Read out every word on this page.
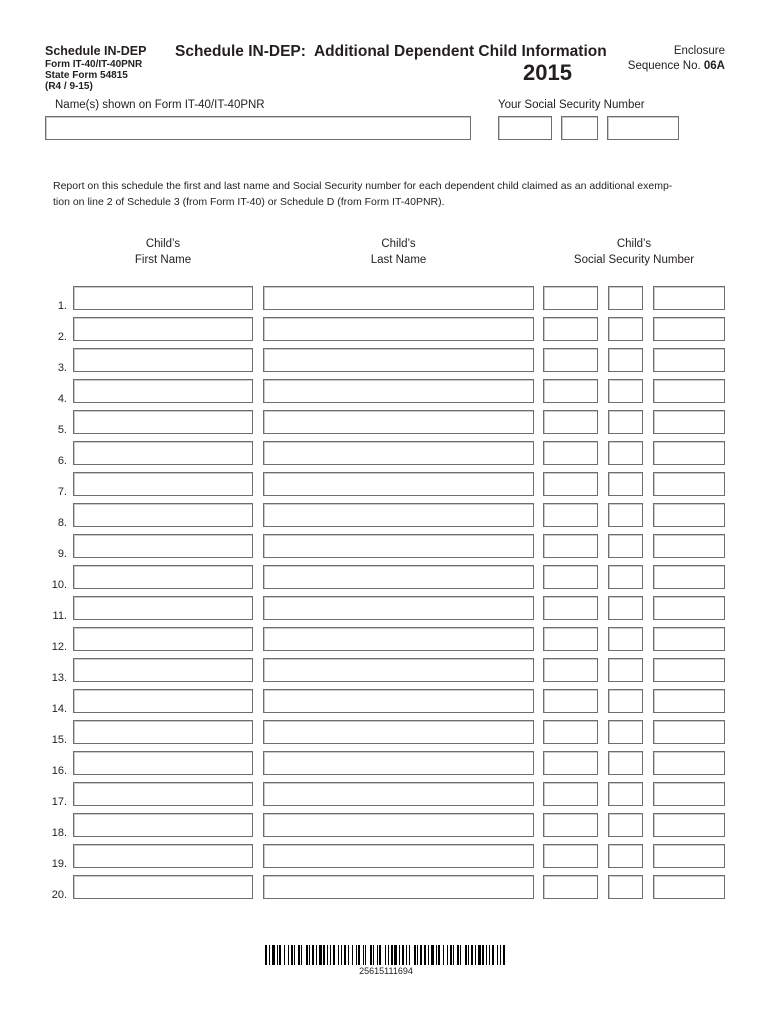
Schedule IN-DEP
Form IT-40/IT-40PNR
State Form 54815
(R4 / 9-15)
Schedule IN-DEP:  Additional Dependent Child Information
2015
Enclosure
Sequence No. 06A
Name(s) shown on Form IT-40/IT-40PNR	Your Social Security Number
Report on this schedule the first and last name and Social Security number for each dependent child claimed as an additional exemp-
tion on line 2 of Schedule 3 (from Form IT-40) or Schedule D (from Form IT-40PNR).
Child’s
First Name
Child’s
Last Name
Child’s
Social Security Number
1.
2.
3.
4.
5.
6.
7.
8.
9.
10.
11.
12.
13.
14.
15.
16.
17.
18.
19.
20.
25615111694
